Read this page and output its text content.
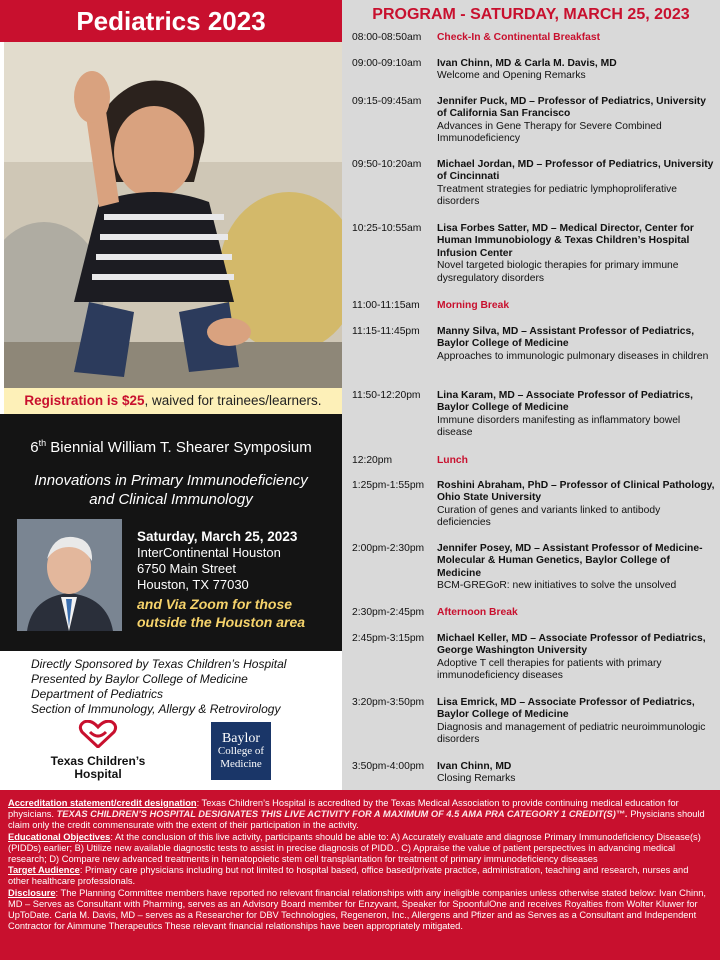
Pediatrics 2023
Registration is $25, waived for trainees/learners.
6th Biennial William T. Shearer Symposium
Innovations in Primary Immunodeficiency
and Clinical Immunology
Saturday, March 25, 2023
InterContinental Houston
6750 Main Street
Houston, TX 77030
and Via Zoom for those
outside the Houston area
Directly Sponsored by Texas Children’s Hospital
Presented by Baylor College of Medicine
Department of Pediatrics
Section of Immunology, Allergy & Retrovirology
Texas Children’s
Hospital
Baylor
College of
Medicine
PROGRAM - SATURDAY, MARCH 25, 2023
08:00-08:50am	Check-In & Continental Breakfast
09:00-09:10am	Ivan Chinn, MD & Carla M. Davis, MD
Welcome and Opening Remarks
09:15-09:45am	Jennifer Puck, MD – Professor of Pediatrics, University of California San Francisco
Advances in Gene Therapy for Severe Combined Immunodeficiency
09:50-10:20am	Michael Jordan, MD – Professor of Pediatrics, University of Cincinnati
Treatment strategies for pediatric lymphoproliferative disorders
10:25-10:55am	Lisa Forbes Satter, MD – Medical Director, Center for Human Immunobiology & Texas Children’s Hospital Infusion Center
Novel targeted biologic therapies for primary immune dysregulatory disorders
11:00-11:15am	Morning Break
11:15-11:45pm	Manny Silva, MD – Assistant Professor of Pediatrics, Baylor College of Medicine
Approaches to immunologic pulmonary diseases in children
11:50-12:20pm	Lina Karam, MD – Associate Professor of Pediatrics, Baylor College of Medicine
Immune disorders manifesting as inflammatory bowel disease
12:20pm	Lunch
1:25pm-1:55pm	Roshini Abraham, PhD – Professor of Clinical Pathology, Ohio State University
Curation of genes and variants linked to antibody deficiencies
2:00pm-2:30pm	Jennifer Posey, MD – Assistant Professor of Medicine-Molecular & Human Genetics, Baylor College of Medicine
BCM-GREGoR: new initiatives to solve the unsolved
2:30pm-2:45pm	Afternoon Break
2:45pm-3:15pm	Michael Keller, MD – Associate Professor of Pediatrics, George Washington University
Adoptive T cell therapies for patients with primary immunodeficiency diseases
3:20pm-3:50pm	Lisa Emrick, MD – Associate Professor of Pediatrics, Baylor College of Medicine
Diagnosis and management of pediatric neuroimmunologic disorders
3:50pm-4:00pm	Ivan Chinn, MD
Closing Remarks
Accreditation statement/credit designation: Texas Children’s Hospital is accredited by the Texas Medical Association to provide continuing medical education for physicians. TEXAS CHILDREN’S HOSPITAL DESIGNATES THIS LIVE ACTIVITY FOR A MAXIMUM OF 4.5 AMA PRA CATEGORY 1 CREDIT(S)™. Physicians should claim only the credit commensurate with the extent of their participation in the activity.
Educational Objectives: At the conclusion of this live activity, participants should be able to: A) Accurately evaluate and diagnose Primary Immunodeficiency Disease(s) (PIDDs) earlier; B) Utilize new available diagnostic tests to assist in precise diagnosis of PIDD.. C) Appraise the value of patient perspectives in advancing medical research; D) Compare new advanced treatments in hematopoietic stem cell transplantation for treatment of primary immunodeficiency diseases
Target Audience: Primary care physicians including but not limited to hospital based, office based/private practice, administration, teaching and research, nurses and other healthcare professionals.
Disclosure: The Planning Committee members have reported no relevant financial relationships with any ineligible companies unless otherwise stated below: Ivan Chinn, MD – Serves as Consultant with Pharming, serves as an Advisory Board member for Enzyvant, Speaker for SpoonfulOne and receives Royalties from Wolter Kluwer for UpToDate. Carla M. Davis, MD – serves as a Researcher for DBV Technologies, Regeneron, Inc., Allergens and Pfizer and as Serves as a Consultant and Independent Contractor for Aimmune Therapeutics These relevant financial relationships have been appropriately mitigated.
